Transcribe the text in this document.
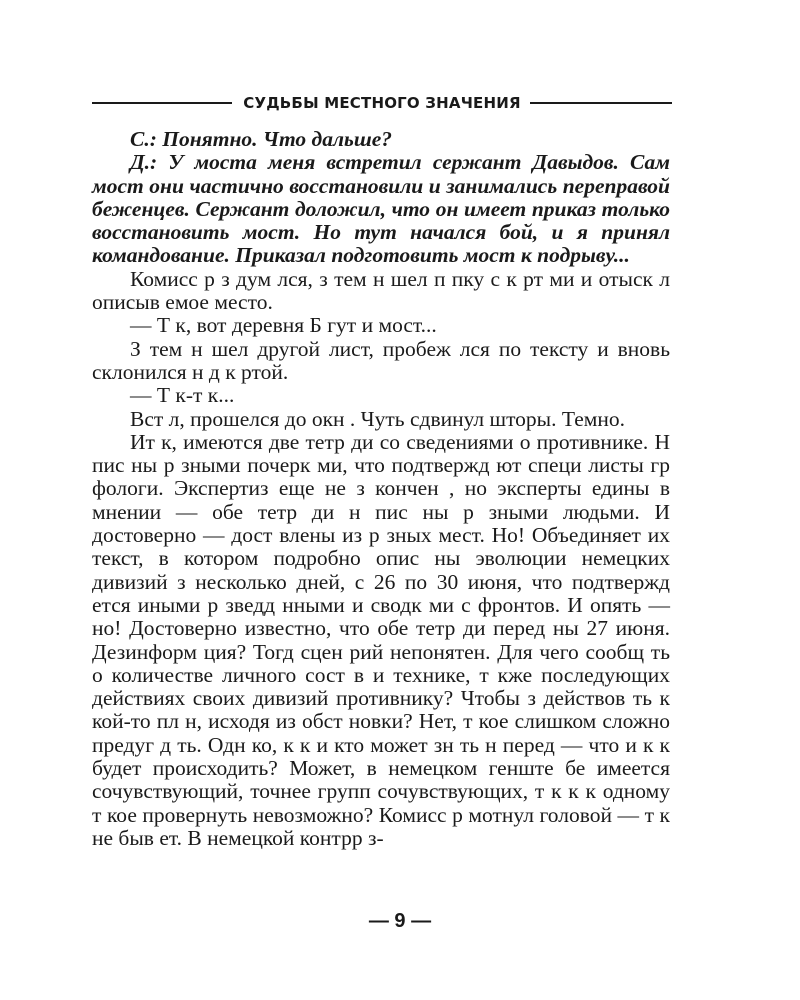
СУДЬБЫ МЕСТНОГО ЗНАЧЕНИЯ

С.: Понятно. Что дальше?

Д.: У моста меня встретил сержант Давыдов. Сам мост они частично восстановили и занимались переправой беженцев. Сержант доложил, что он имеет приказ только восстановить мост. Но тут начался бой, и я принял командование. Приказал подготовить мост к подрыву...

Комисс р з дум лся, з тем н шел п пку с к рт ми и отыск л описыв емое место.

— Т к, вот деревня Б гут и мост...

З тем н шел другой лист, пробеж лся по тексту и вновь склонился н д к ртой.

— Т к-т к...

Вст л, прошелся до окн . Чуть сдвинул шторы. Темно.

Ит к, имеются две тетр ди со сведениями о противнике. Н пис ны р зными почерк ми, что подтвержд ют специ листы гр фологи. Экспертиз еще не з кончен , но эксперты едины в мнении — обе тетр ди н пис ны р зными людьми. И достоверно — дост влены из р зных мест. Но! Объединяет их текст, в котором подробно опис ны эволюции немецких дивизий з несколько дней, с 26 по 30 июня, что подтвержд ется иными р зведд нными и сводк ми с фронтов. И опять — но! Достоверно известно, что обе тетр ди перед ны 27 июня. Дезинформ ция? Тогд сцен рий непонятен. Для чего сообщ ть о количестве личного сост в и технике, т кже последующих действиях своих дивизий противнику? Чтобы з действов ть к кой-то пл н, исходя из обст новки? Нет, т кое слишком сложно предуг д ть. Одн ко, к к и кто может зн ть н перед — что и к к будет происходить? Может, в немецком генште бе имеется сочувствующий, точнее групп сочувствующих, т к к к одному т кое провернуть невозможно? Комисс р мотнул головой — т к не быв ет. В немецкой контрр з-

— 9 —
